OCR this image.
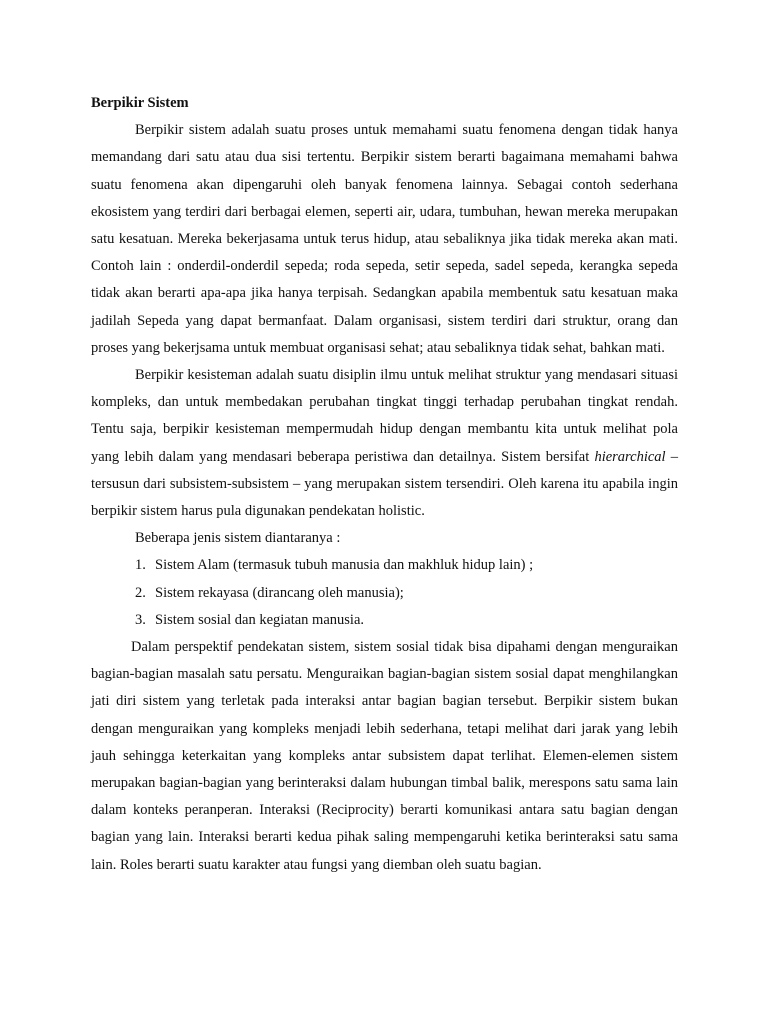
Berpikir Sistem

Berpikir sistem adalah suatu proses untuk memahami suatu fenomena dengan tidak hanya memandang dari satu atau dua sisi tertentu. Berpikir sistem berarti bagaimana memahami bahwa suatu fenomena akan dipengaruhi oleh banyak fenomena lainnya. Sebagai contoh sederhana ekosistem yang terdiri dari berbagai elemen, seperti air, udara, tumbuhan, hewan mereka merupakan satu kesatuan. Mereka bekerjasama untuk terus hidup, atau sebaliknya jika tidak mereka akan mati. Contoh lain : onderdil-onderdil sepeda; roda sepeda, setir sepeda, sadel sepeda, kerangka sepeda tidak akan berarti apa-apa jika hanya terpisah. Sedangkan apabila membentuk satu kesatuan maka jadilah Sepeda yang dapat bermanfaat. Dalam organisasi, sistem terdiri dari struktur, orang dan proses yang bekerjsama untuk membuat organisasi sehat; atau sebaliknya tidak sehat, bahkan mati.

Berpikir kesisteman adalah suatu disiplin ilmu untuk melihat struktur yang mendasari situasi kompleks, dan untuk membedakan perubahan tingkat tinggi terhadap perubahan tingkat rendah. Tentu saja, berpikir kesisteman mempermudah hidup dengan membantu kita untuk melihat pola yang lebih dalam yang mendasari beberapa peristiwa dan detailnya. Sistem bersifat hierarchical – tersusun dari subsistem-subsistem – yang merupakan sistem tersendiri. Oleh karena itu apabila ingin berpikir sistem harus pula digunakan pendekatan holistic.

Beberapa jenis sistem diantaranya :

1. Sistem Alam (termasuk tubuh manusia dan makhluk hidup lain) ;
2. Sistem rekayasa (dirancang oleh manusia);
3. Sistem sosial dan kegiatan manusia.

Dalam perspektif pendekatan sistem, sistem sosial tidak bisa dipahami dengan menguraikan bagian-bagian masalah satu persatu. Menguraikan bagian-bagian sistem sosial dapat menghilangkan jati diri sistem yang terletak pada interaksi antar bagian bagian tersebut. Berpikir sistem bukan dengan menguraikan yang kompleks menjadi lebih sederhana, tetapi melihat dari jarak yang lebih jauh sehingga keterkaitan yang kompleks antar subsistem dapat terlihat. Elemen-elemen sistem merupakan bagian-bagian yang berinteraksi dalam hubungan timbal balik, merespons satu sama lain dalam konteks peranperan. Interaksi (Reciprocity) berarti komunikasi antara satu bagian dengan bagian yang lain. Interaksi berarti kedua pihak saling mempengaruhi ketika berinteraksi satu sama lain. Roles berarti suatu karakter atau fungsi yang diemban oleh suatu bagian.
